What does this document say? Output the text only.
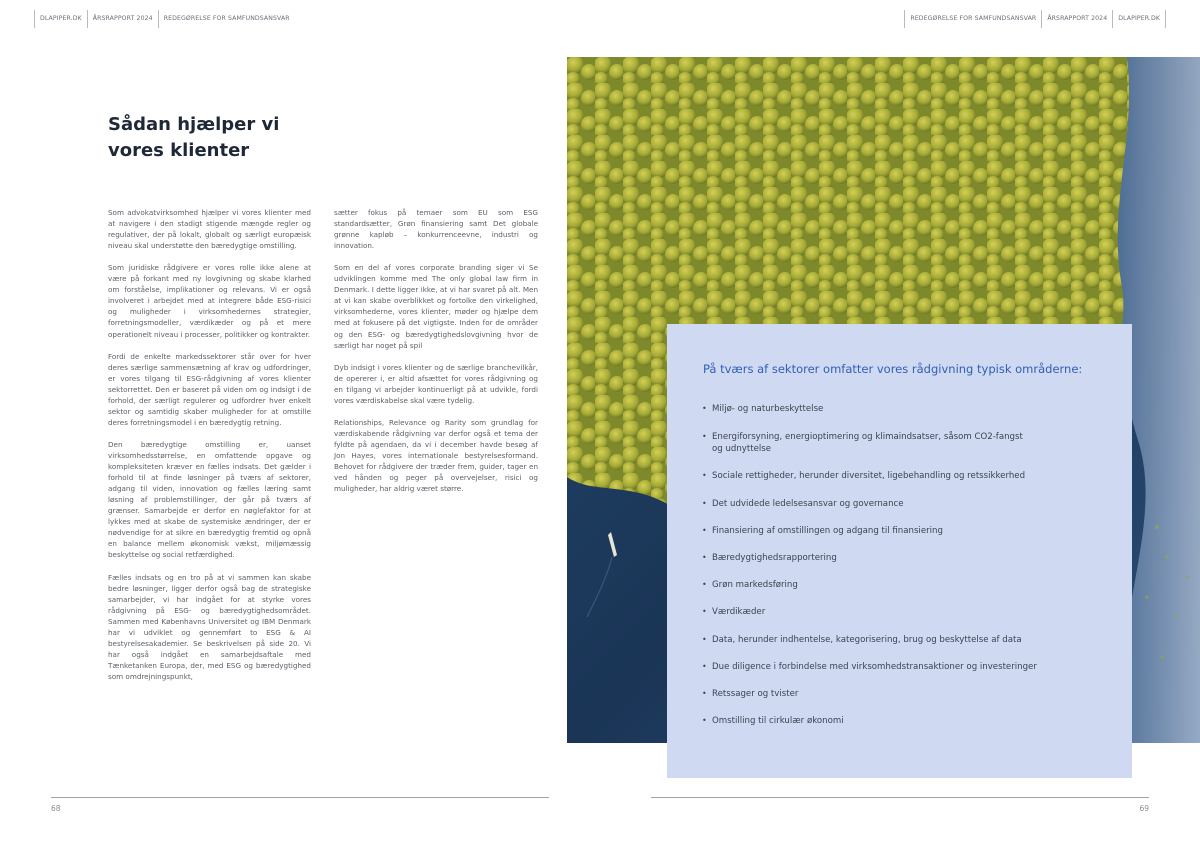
DLAPIPER.DK	ÅRSRAPPORT 2024	REDEGØRELSE FOR SAMFUNDSANSVAR	REDEGØRELSE FOR SAMFUNDSANSVAR	ÅRSRAPPORT 2024	DLAPIPER.DK
Sådan hjælper vi vores klienter

Som advokatvirksomhed hjælper vi vores klienter med at navigere i den stadigt stigende mængde regler og regulativer, der på lokalt, globalt og særligt europæisk niveau skal understøtte den bæredygtige omstilling.

Som juridiske rådgivere er vores rolle ikke alene at være på forkant med ny lovgivning og skabe klarhed om forståelse, implikationer og relevans. Vi er også involveret i arbejdet med at integrere både ESG-risici og muligheder i virksomhedernes strategier, forretningsmodeller, værdikæder og på et mere operationelt niveau i processer, politikker og kontrakter.

Fordi de enkelte markedssektorer står over for hver deres særlige sammensætning af krav og udfordringer, er vores tilgang til ESG-rådgivning af vores klienter sektorrettet. Den er baseret på viden om og indsigt i de forhold, der særligt regulerer og udfordrer hver enkelt sektor og samtidig skaber muligheder for at omstille deres forretningsmodel i en bæredygtig retning.

Den bæredygtige omstilling er, uanset virksomhedsstørrelse, en omfattende opgave og kompleksiteten kræver en fælles indsats. Det gælder i forhold til at finde løsninger på tværs af sektorer, adgang til viden, innovation og fælles læring samt løsning af problemstillinger, der går på tværs af grænser. Samarbejde er derfor en nøglefaktor for at lykkes med at skabe de systemiske ændringer, der er nødvendige for at sikre en bæredygtig fremtid og opnå en balance mellem økonomisk vækst, miljømæssig beskyttelse og social retfærdighed.

Fælles indsats og en tro på at vi sammen kan skabe bedre løsninger, ligger derfor også bag de strategiske samarbejder, vi har indgået for at styrke vores rådgivning på ESG- og bæredygtighedsområdet. Sammen med Københavns Universitet og IBM Denmark har vi udviklet og gennemført to ESG & AI bestyrelsesakademier. Se beskrivelsen på side 20. Vi har også indgået en samarbejdsaftale med Tænketanken Europa, der, med ESG og bæredygtighed som omdrejningspunkt,

sætter fokus på temaer som EU som ESG standardsætter, Grøn finansiering samt Det globale grønne kapløb – konkurrenceevne, industri og innovation.

Som en del af vores corporate branding siger vi Se udviklingen komme med The only global law firm in Denmark. I dette ligger ikke, at vi har svaret på alt. Men at vi kan skabe overblikket og fortolke den virkelighed, virksomhederne, vores klienter, møder og hjælpe dem med at fokusere på det vigtigste. Inden for de områder og den ESG- og bæredygtighedslovgivning hvor de særligt har noget på spil

Dyb indsigt i vores klienter og de særlige branchevilkår, de opererer i, er altid afsættet for vores rådgivning og en tilgang vi arbejder kontinuerligt på at udvikle, fordi vores værdiskabelse skal være tydelig.

Relationships, Relevance og Rarity som grundlag for værdiskabende rådgivning var derfor også et tema der fyldte på agendaen, da vi i december havde besøg af Jon Hayes, vores internationale bestyrelsesformand. Behovet for rådgivere der træder frem, guider, tager en ved hånden og peger på overvejelser, risici og muligheder, har aldrig været større.

På tværs af sektorer omfatter vores rådgivning typisk områderne:
• Miljø- og naturbeskyttelse
• Energiforsyning, energioptimering og klimaindsatser, såsom CO2-fangst og udnyttelse
• Sociale rettigheder, herunder diversitet, ligebehandling og retssikkerhed
• Det udvidede ledelsesansvar og governance
• Finansiering af omstillingen og adgang til finansiering
• Bæredygtighedsrapportering
• Grøn markedsføring
• Værdikæder
• Data, herunder indhentelse, kategorisering, brug og beskyttelse af data
• Due diligence i forbindelse med virksomhedstransaktioner og investeringer
• Retssager og tvister
• Omstilling til cirkulær økonomi
68	69
